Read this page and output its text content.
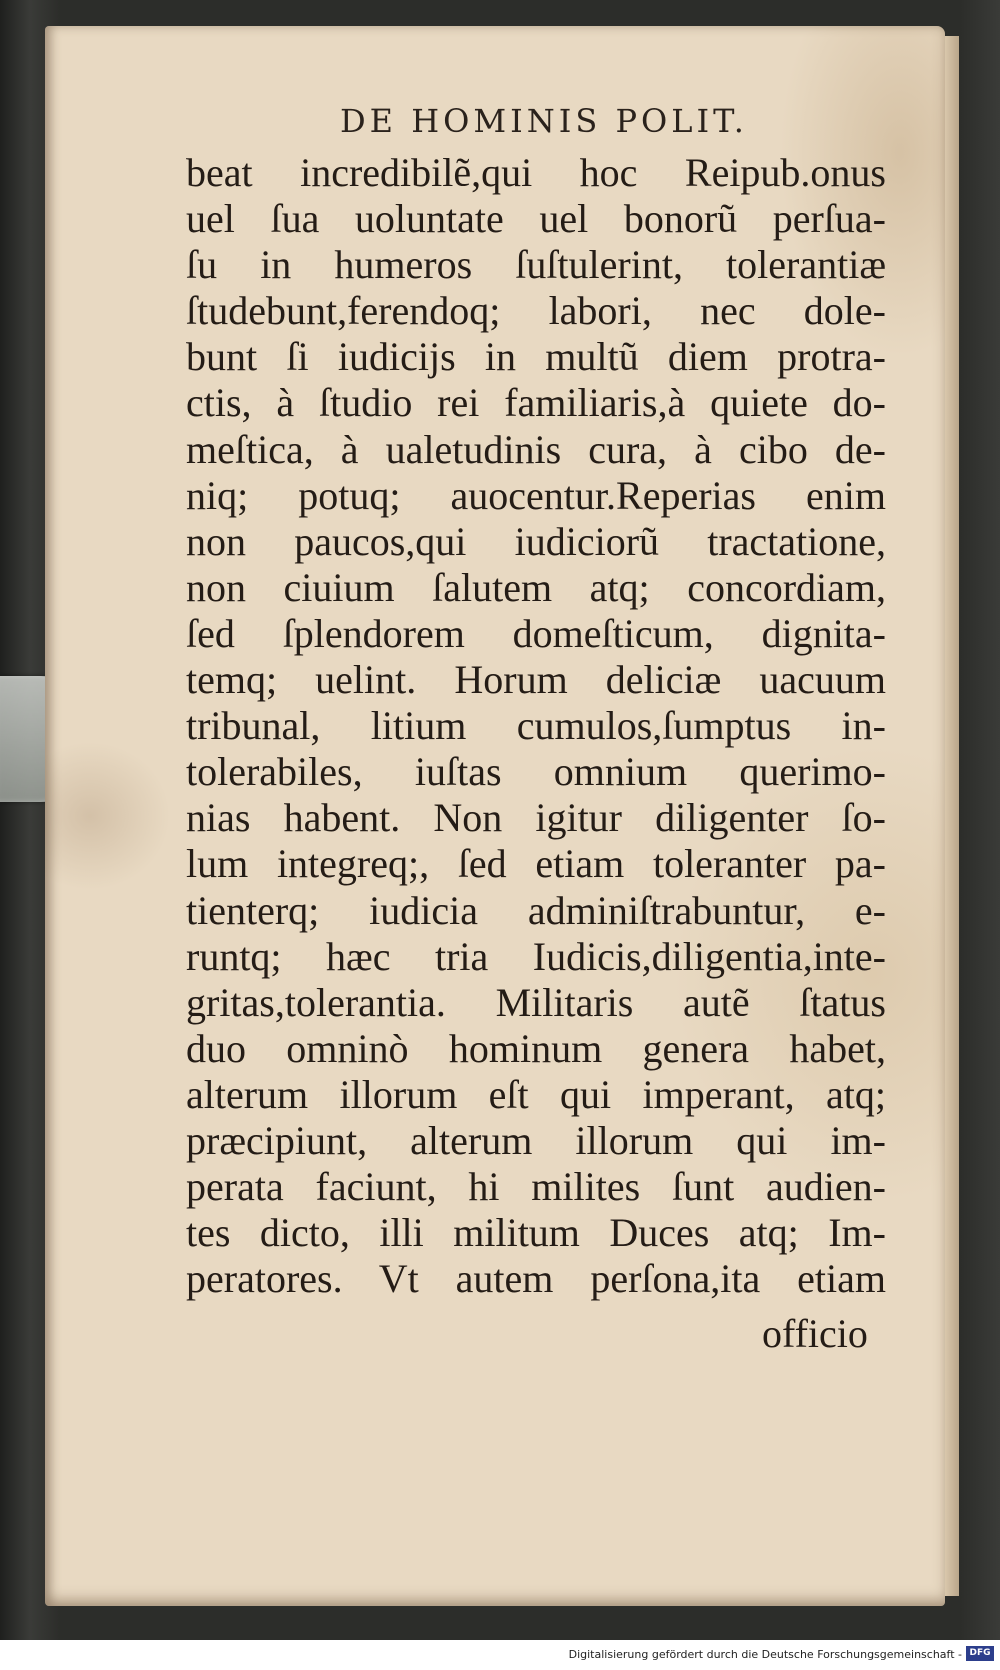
DE HOMINIS POLIT.
beat incredibilẽ,qui hoc Reipub.onus
uel ſua uoluntate uel bonorũ perſua-
ſu in humeros ſuſtulerint, tolerantiæ
ſtudebunt,ferendoq; labori, nec dole-
bunt ſi iudicijs in multũ diem protra-
ctis, à ſtudio rei familiaris,à quiete do-
meſtica, à ualetudinis cura, à cibo de-
niq; potuq; auocentur.Reperias enim
non paucos,qui iudiciorũ tractatione,
non ciuium ſalutem atq; concordiam,
ſed ſplendorem domeſticum, dignita-
temq; uelint. Horum deliciæ uacuum
tribunal, litium cumulos,ſumptus in-
tolerabiles, iuſtas omnium querimo-
nias habent. Non igitur diligenter ſo-
lum integreq;, ſed etiam toleranter pa-
tienterq; iudicia adminiſtrabuntur, e-
runtq; hæc tria Iudicis,diligentia,inte-
gritas,tolerantia. Militaris autẽ ſtatus
duo omninò hominum genera habet,
alterum illorum eſt qui imperant, atq;
præcipiunt, alterum illorum qui im-
perata faciunt, hi milites ſunt audien-
tes dicto, illi militum Duces atq; Im-
peratores. Vt autem perſona,ita etiam
officio
Digitalisierung gefördert durch die Deutsche Forschungsgemeinschaft - DFG
